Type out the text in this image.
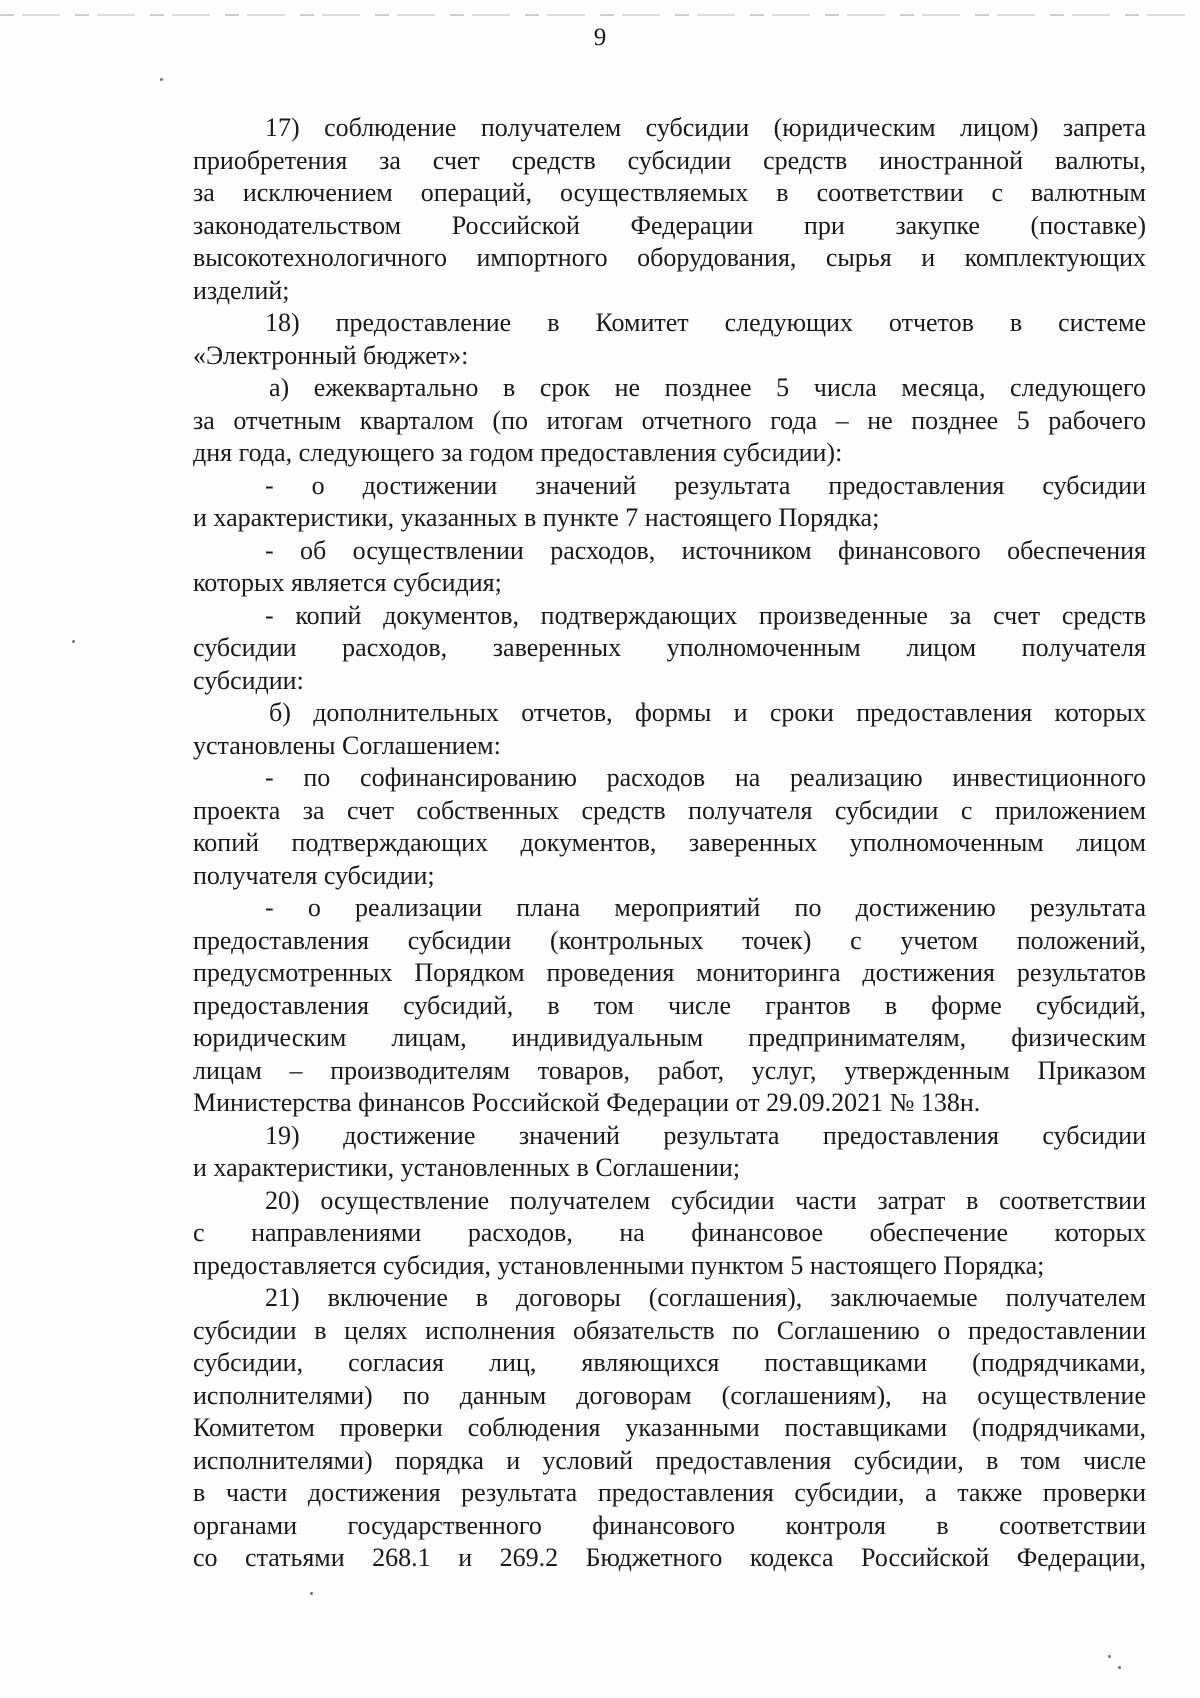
9
17) соблюдение получателем субсидии (юридическим лицом) запрета
приобретения за счет средств субсидии средств иностранной валюты,
за исключением операций, осуществляемых в соответствии с валютным
законодательством Российской Федерации при закупке (поставке)
высокотехнологичного импортного оборудования, сырья и комплектующих
изделий;
18) предоставление в Комитет следующих отчетов в системе
«Электронный бюджет»:
а) ежеквартально в срок не позднее 5 числа месяца, следующего
за отчетным кварталом (по итогам отчетного года – не позднее 5 рабочего
дня года, следующего за годом предоставления субсидии):
- о достижении значений результата предоставления субсидии
и характеристики, указанных в пункте 7 настоящего Порядка;
- об осуществлении расходов, источником финансового обеспечения
которых является субсидия;
- копий документов, подтверждающих произведенные за счет средств
субсидии расходов, заверенных уполномоченным лицом получателя
субсидии:
б) дополнительных отчетов, формы и сроки предоставления которых
установлены Соглашением:
- по софинансированию расходов на реализацию инвестиционного
проекта за счет собственных средств получателя субсидии с приложением
копий подтверждающих документов, заверенных уполномоченным лицом
получателя субсидии;
- о реализации плана мероприятий по достижению результата
предоставления субсидии (контрольных точек) с учетом положений,
предусмотренных Порядком проведения мониторинга достижения результатов
предоставления субсидий, в том числе грантов в форме субсидий,
юридическим лицам, индивидуальным предпринимателям, физическим
лицам – производителям товаров, работ, услуг, утвержденным Приказом
Министерства финансов Российской Федерации от 29.09.2021 № 138н.
19) достижение значений результата предоставления субсидии
и характеристики, установленных в Соглашении;
20) осуществление получателем субсидии части затрат в соответствии
с направлениями расходов, на финансовое обеспечение которых
предоставляется субсидия, установленными пунктом 5 настоящего Порядка;
21) включение в договоры (соглашения), заключаемые получателем
субсидии в целях исполнения обязательств по Соглашению о предоставлении
субсидии, согласия лиц, являющихся поставщиками (подрядчиками,
исполнителями) по данным договорам (соглашениям), на осуществление
Комитетом проверки соблюдения указанными поставщиками (подрядчиками,
исполнителями) порядка и условий предоставления субсидии, в том числе
в части достижения результата предоставления субсидии, а также проверки
органами государственного финансового контроля в соответствии
со статьями 268.1 и 269.2 Бюджетного кодекса Российской Федерации,
